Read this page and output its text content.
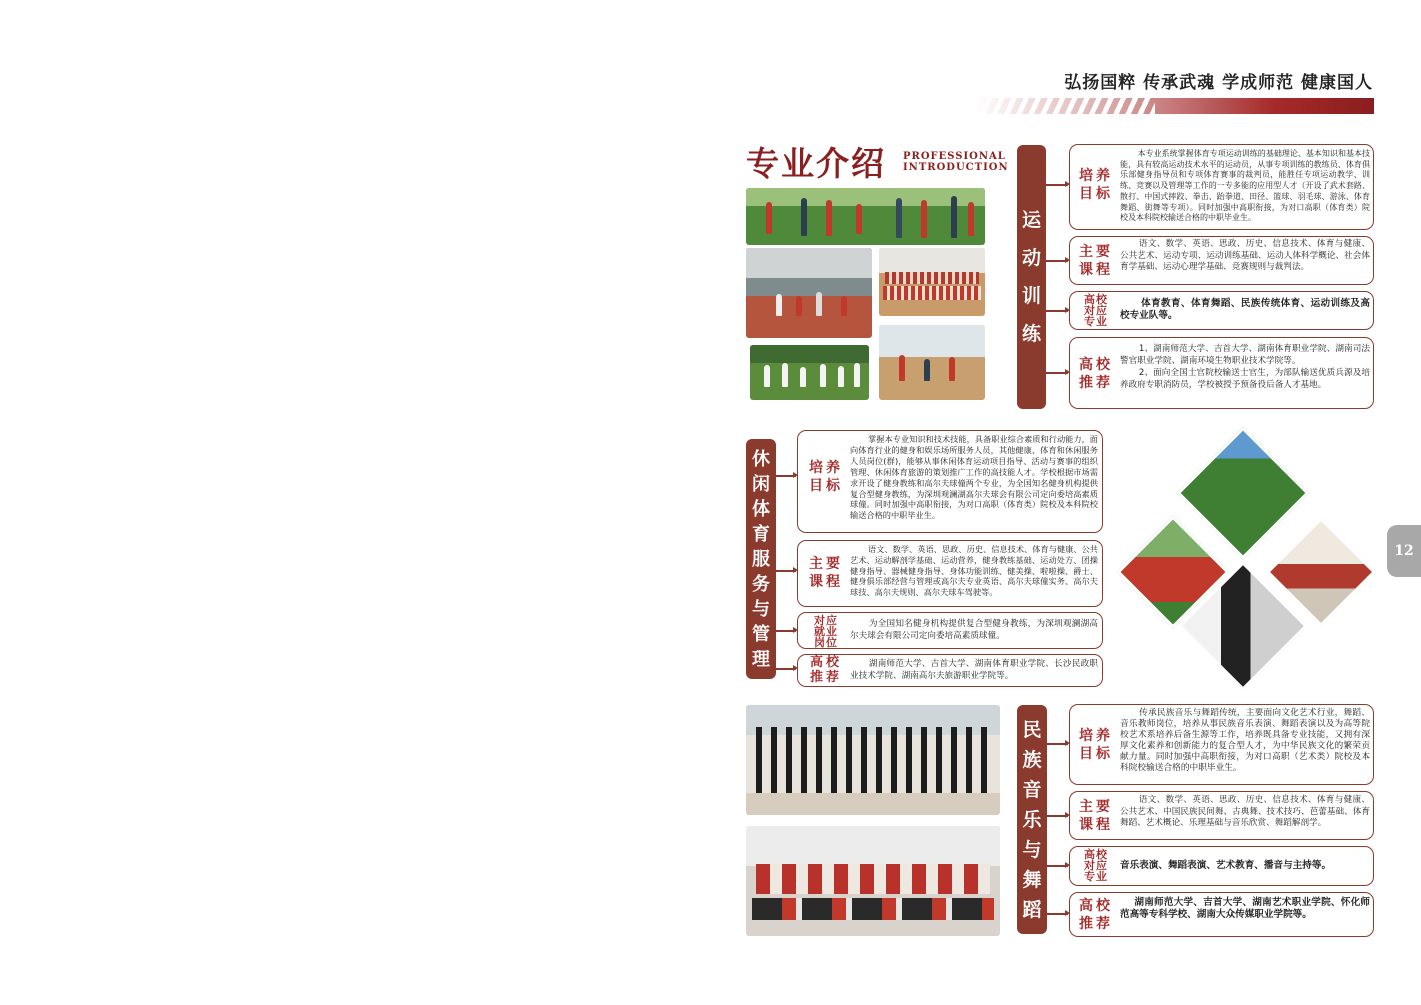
弘扬国粹 传承武魂 学成师范 健康国人
12
专业介绍 PROFESSIONAL
INTRODUCTION
运
动
训
练
培养
目标
本专业系统掌握体育专项运动训练的基础理论、基本知识和基本技能，具有较高运动技术水平的运动员，从事专项训练的教练员、体育俱乐部健身指导员和专项体育赛事的裁判员，能胜任专项运动教学、训练、竞赛以及管理等工作的一专多能的应用型人才（开设了武术套路、散打、中国式摔跤、拳击、跆拳道、田径、篮球、羽毛球、游泳、体育舞蹈、街舞等专项）。同时加强中高职衔接，为对口高职（体育类）院校及本科院校输送合格的中职毕业生。
主要
课程
语文、数学、英语、思政、历史、信息技术、体育与健康、公共艺术、运动专项、运动训练基础、运动人体科学概论、社会体育学基础、运动心理学基础、竞赛规则与裁判法。
高校
对应
专业
体育教育、体育舞蹈、民族传统体育、运动训练及高校专业队等。
高校
推荐
1、湖南师范大学、吉首大学、湖南体育职业学院、湖南司法警官职业学院、湖南环境生物职业技术学院等。
2、面向全国士官院校输送士官生，为部队输送优质兵源及培养政府专职消防员，学校被授予预备役后备人才基地。
休
闲
体
育
服
务
与
管
理
培养
目标
掌握本专业知识和技术技能，具备职业综合素质和行动能力，面向体育行业的健身和娱乐场所服务人员，其他健康、体育和休闲服务人员岗位(群)，能够从事休闲体育运动项目指导、活动与赛事的组织管理、休闲体育旅游的策划推广工作的高技能人才。学校根据市场需求开设了健身教练和高尔夫球僮两个专业，为全国知名健身机构提供复合型健身教练，为深圳观澜湖高尔夫球会有限公司定向委培高素质球僮。同时加强中高职衔接，为对口高职（体育类）院校及本科院校输送合格的中职毕业生。
主要
课程
语文、数学、英语、思政、历史、信息技术、体育与健康、公共艺术、运动解剖学基础、运动营养，健身教练基础、运动处方、团操健身指导、器械健身指导、身体功能训练、健美操、啦啦操、爵士、健身俱乐部经营与管理或高尔夫专业英语、高尔夫球僮实务、高尔夫球技、高尔夫规则、高尔夫球车驾驶等。
对应
就业
岗位
为全国知名健身机构提供复合型健身教练，为深圳观澜湖高尔夫球会有限公司定向委培高素质球僮。
高校
推荐
湖南师范大学、吉首大学、湖南体育职业学院、长沙民政职业技术学院、湖南高尔夫旅游职业学院等。
民
族
音
乐
与
舞
蹈
培养
目标
传承民族音乐与舞蹈传统，主要面向文化艺术行业，舞蹈、音乐教师岗位，培养从事民族音乐表演、舞蹈表演以及为高等院校艺术系培养后备生源等工作，培养既具备专业技能，又拥有深厚文化素养和创新能力的复合型人才，为中华民族文化的繁荣贡献力量。同时加强中高职衔接，为对口高职（艺术类）院校及本科院校输送合格的中职毕业生。
主要
课程
语文、数学、英语、思政、历史、信息技术、体育与健康、公共艺术、中国民族民间舞、古典舞、技术技巧、芭蕾基础、体育舞蹈、艺术概论、乐理基础与音乐欣赏、舞蹈解剖学。
高校
对应
专业
音乐表演、舞蹈表演、艺术教育、播音与主持等。
高校
推荐
湖南师范大学、吉首大学、湖南艺术职业学院、怀化师范高等专科学校、湖南大众传媒职业学院等。
